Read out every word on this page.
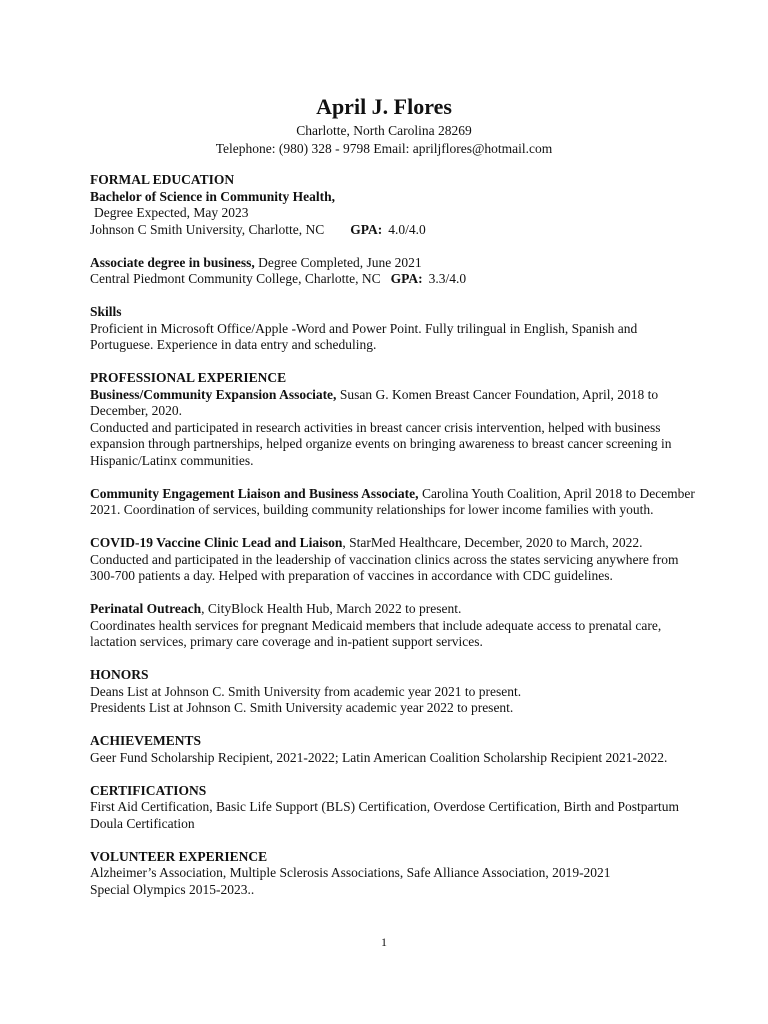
April J. Flores
Charlotte, North Carolina 28269
Telephone: (980) 328 - 9798 Email: apriljflores@hotmail.com

FORMAL EDUCATION

Bachelor of Science in Community Health,

Degree Expected, May 2023

Johnson C Smith University, Charlotte, NC GPA: 4.0/4.0

Associate degree in business, Degree Completed, June 2021

Central Piedmont Community College, Charlotte, NC GPA: 3.3/4.0

Skills

Proficient in Microsoft Office/Apple -Word and Power Point. Fully trilingual in English, Spanish and Portuguese. Experience in data entry and scheduling.

PROFESSIONAL EXPERIENCE

Business/Community Expansion Associate, Susan G. Komen Breast Cancer Foundation, April, 2018 to December, 2020.

Conducted and participated in research activities in breast cancer crisis intervention, helped with business expansion through partnerships, helped organize events on bringing awareness to breast cancer screening in Hispanic/Latinx communities.

Community Engagement Liaison and Business Associate, Carolina Youth Coalition, April 2018 to December 2021. Coordination of services, building community relationships for lower income families with youth.

COVID-19 Vaccine Clinic Lead and Liaison, StarMed Healthcare, December, 2020 to March, 2022.

Conducted and participated in the leadership of vaccination clinics across the states servicing anywhere from 300-700 patients a day. Helped with preparation of vaccines in accordance with CDC guidelines.

Perinatal Outreach, CityBlock Health Hub, March 2022 to present.

Coordinates health services for pregnant Medicaid members that include adequate access to prenatal care, lactation services, primary care coverage and in-patient support services.

HONORS

Deans List at Johnson C. Smith University from academic year 2021 to present.

Presidents List at Johnson C. Smith University academic year 2022 to present.

ACHIEVEMENTS

Geer Fund Scholarship Recipient, 2021-2022; Latin American Coalition Scholarship Recipient 2021-2022.

CERTIFICATIONS

First Aid Certification, Basic Life Support (BLS) Certification, Overdose Certification, Birth and Postpartum Doula Certification

VOLUNTEER EXPERIENCE

Alzheimer’s Association, Multiple Sclerosis Associations, Safe Alliance Association, 2019-2021

Special Olympics 2015-2023..

1
